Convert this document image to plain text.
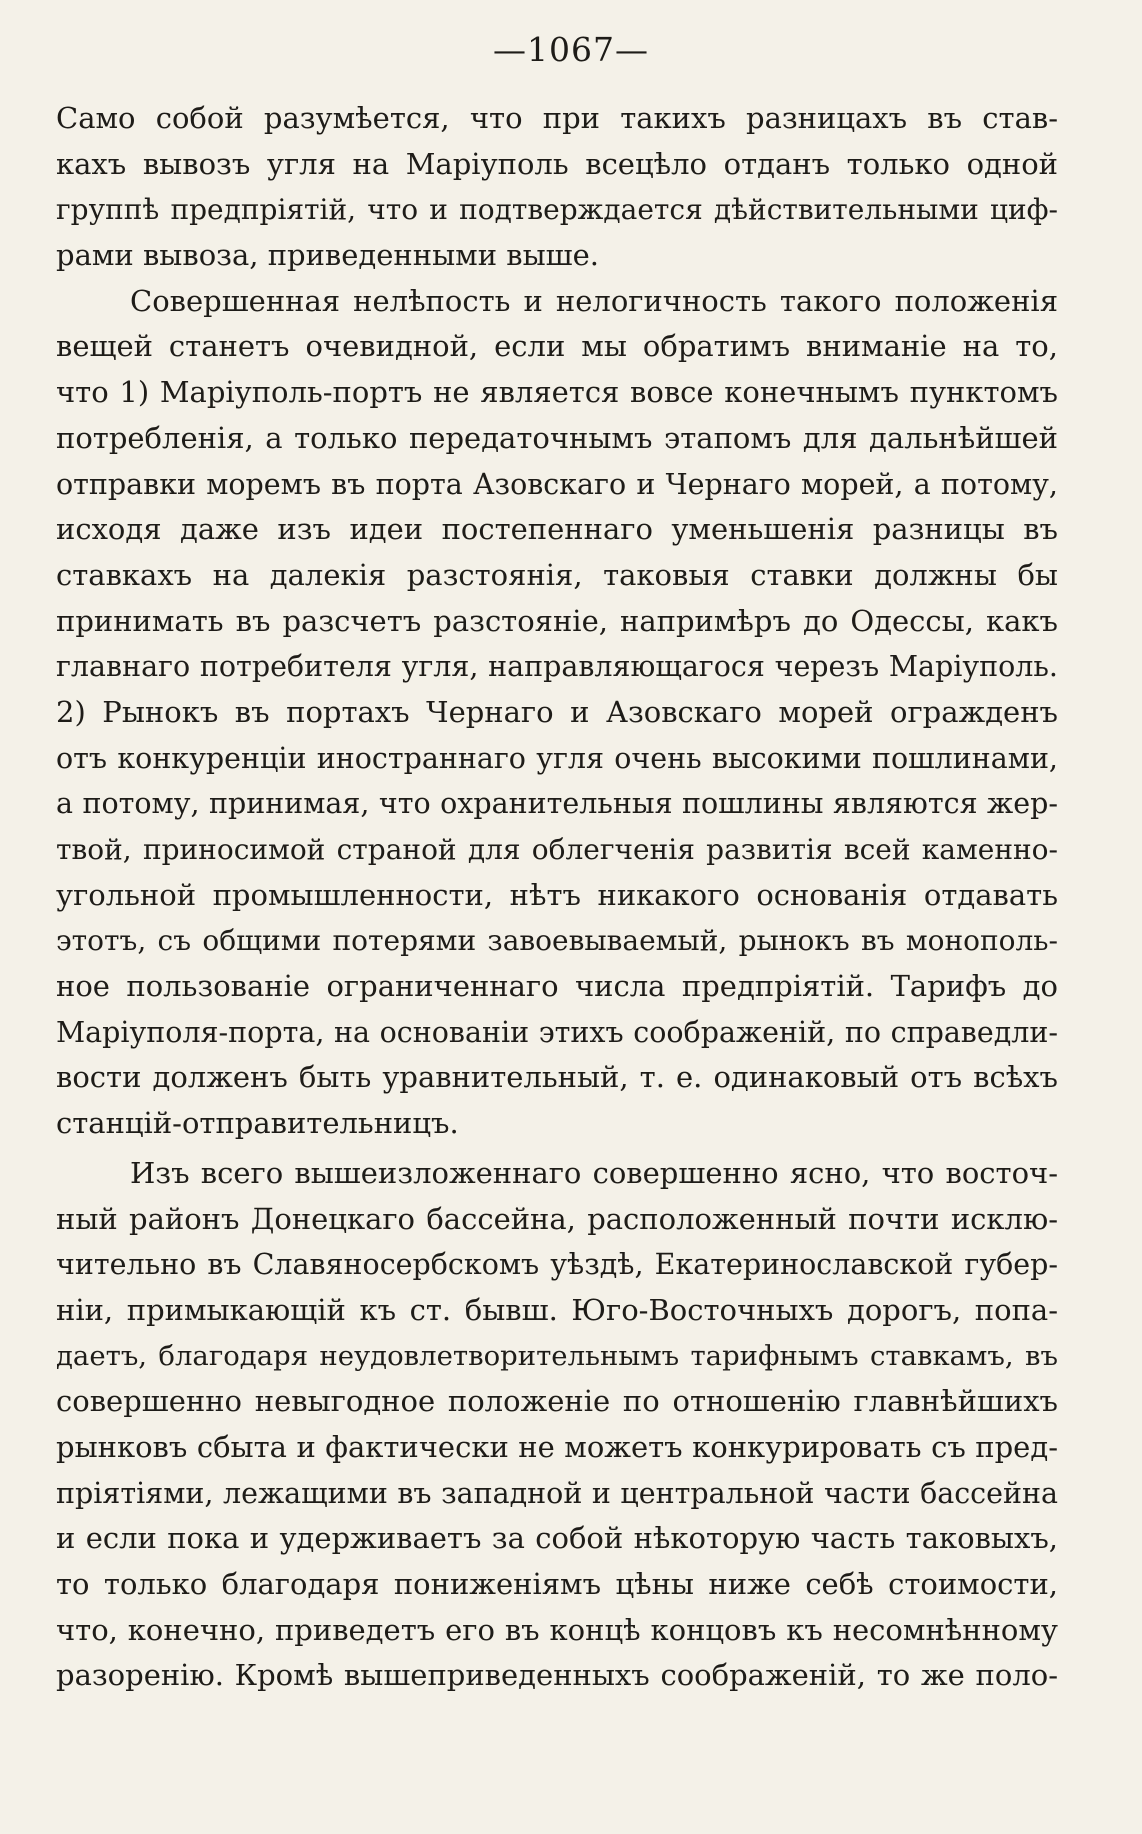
—1067—
Само собой разумѣется, что при такихъ разницахъ въ став-
кахъ вывозъ угля на Маріуполь всецѣло отданъ только одной
группѣ предпріятій, что и подтверждается дѣйствительными циф-
рами вывоза, приведенными выше.
Совершенная нелѣпость и нелогичность такого положенія
вещей станетъ очевидной, если мы обратимъ вниманіе на то,
что 1) Маріуполь-портъ не является вовсе конечнымъ пунктомъ
потребленія, а только передаточнымъ этапомъ для дальнѣйшей
отправки моремъ въ порта Азовскаго и Чернаго морей, а потому,
исходя даже изъ идеи постепеннаго уменьшенія разницы въ
ставкахъ на далекія разстоянія, таковыя ставки должны бы
принимать въ разсчетъ разстояніе, напримѣръ до Одессы, какъ
главнаго потребителя угля, направляющагося черезъ Маріуполь.
2) Рынокъ въ портахъ Чернаго и Азовскаго морей огражденъ
отъ конкуренціи иностраннаго угля очень высокими пошлинами,
а потому, принимая, что охранительныя пошлины являются жер-
твой, приносимой страной для облегченія развитія всей каменно-
угольной промышленности, нѣтъ никакого основанія отдавать
этотъ, съ общими потерями завоевываемый, рынокъ въ монополь-
ное пользованіе ограниченнаго числа предпріятій. Тарифъ до
Маріуполя-порта, на основаніи этихъ соображеній, по справедли-
вости долженъ быть уравнительный, т. е. одинаковый отъ всѣхъ
станцій-отправительницъ.
Изъ всего вышеизложеннаго совершенно ясно, что восточ-
ный районъ Донецкаго бассейна, расположенный почти исклю-
чительно въ Славяносербскомъ уѣздѣ, Екатеринославской губер-
ніи, примыкающій къ ст. бывш. Юго-Восточныхъ дорогъ, попа-
даетъ, благодаря неудовлетворительнымъ тарифнымъ ставкамъ, въ
совершенно невыгодное положеніе по отношенію главнѣйшихъ
рынковъ сбыта и фактически не можетъ конкурировать съ пред-
пріятіями, лежащими въ западной и центральной части бассейна
и если пока и удерживаетъ за собой нѣкоторую часть таковыхъ,
то только благодаря пониженіямъ цѣны ниже себѣ стоимости,
что, конечно, приведетъ его въ концѣ концовъ къ несомнѣнному
разоренію. Кромѣ вышеприведенныхъ соображеній, то же поло-
